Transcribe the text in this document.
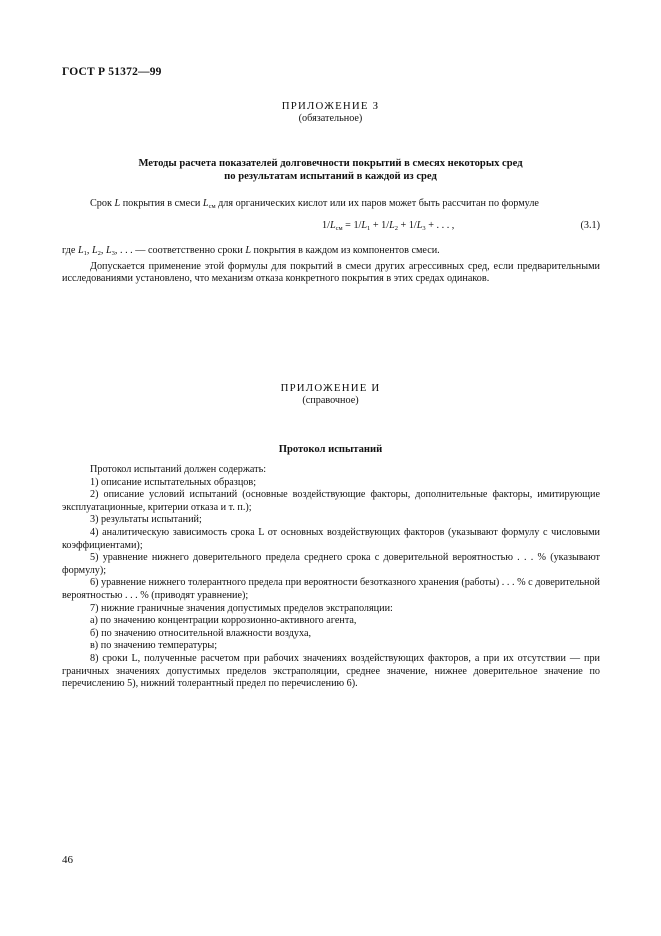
ГОСТ Р 51372—99
ПРИЛОЖЕНИЕ З
(обязательное)
Методы расчета показателей долговечности покрытий в смесях некоторых сред
по результатам испытаний в каждой из сред

Срок L покрытия в смеси $L_{см}$ для органических кислот или их паров может быть рассчитан по формуле

$1/L_{см} = 1/L_1 + 1/L_2 + 1/L_3$ + . . . ,	(3.1)

где $L_1$, $L_2$, $L_3$, . . . — соответственно сроки L покрытия в каждом из компонентов смеси.

Допускается применение этой формулы для покрытий в смеси других агрессивных сред, если предварительными исследованиями установлено, что механизм отказа конкретного покрытия в этих средах одинаков.

ПРИЛОЖЕНИЕ И
(справочное)
Протокол испытаний

Протокол испытаний должен содержать:

1) описание испытательных образцов;

2) описание условий испытаний (основные воздействующие факторы, дополнительные факторы, имитирующие эксплуатационные, критерии отказа и т. п.);

3) результаты испытаний;

4) аналитическую зависимость срока L от основных воздействующих факторов (указывают формулу с числовыми коэффициентами);

5) уравнение нижнего доверительного предела среднего срока с доверительной вероятностью . . . % (указывают формулу);

6) уравнение нижнего толерантного предела при вероятности безотказного хранения (работы) . . . % с доверительной вероятностью . . . % (приводят уравнение);

7) нижние граничные значения допустимых пределов экстраполяции:

а) по значению концентрации коррозионно-активного агента,

б) по значению относительной влажности воздуха,

в) по значению температуры;

8) сроки L, полученные расчетом при рабочих значениях воздействующих факторов, а при их отсутствии — при граничных значениях допустимых пределов экстраполяции, среднее значение, нижнее доверительное значение по перечислению 5), нижний толерантный предел по перечислению 6).

46
